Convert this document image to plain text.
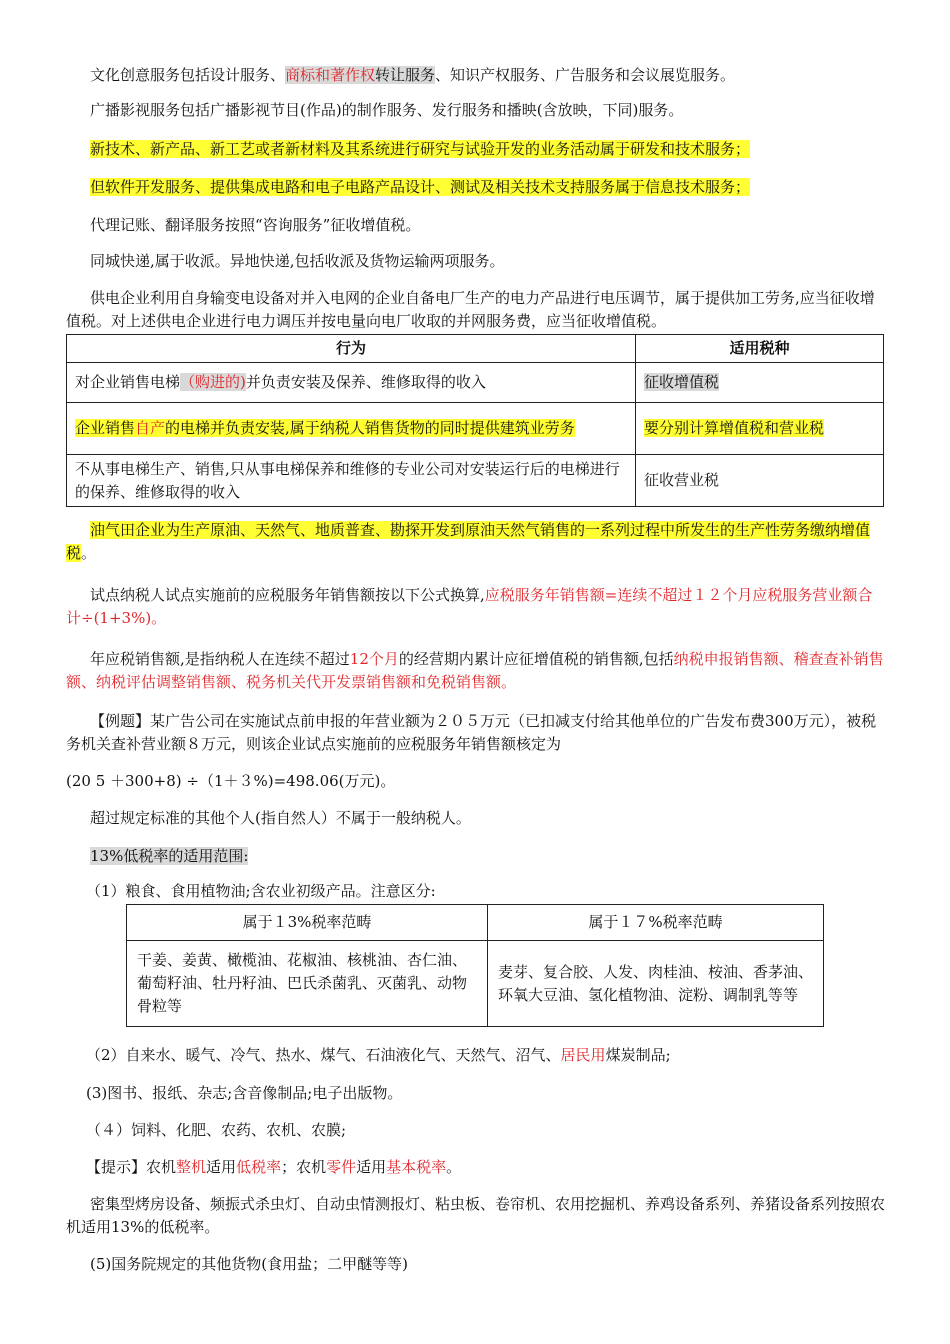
文化创意服务包括设计服务、商标和著作权转让服务、知识产权服务、广告服务和会议展览服务。

广播影视服务包括广播影视节目(作品)的制作服务、发行服务和播映(含放映，下同)服务。

新技术、新产品、新工艺或者新材料及其系统进行研究与试验开发的业务活动属于研发和技术服务；

但软件开发服务、提供集成电路和电子电路产品设计、测试及相关技术支持服务属于信息技术服务；

代理记账、翻译服务按照“咨询服务”征收增值税。

同城快递,属于收派。异地快递,包括收派及货物运输两项服务。

供电企业利用自身输变电设备对并入电网的企业自备电厂生产的电力产品进行电压调节，属于提供加工劳务,应当征收增值税。对上述供电企业进行电力调压并按电量向电厂收取的并网服务费，应当征收增值税。

行为	适用税种
对企业销售电梯（购进的)并负责安装及保养、维修取得的收入	征收增值税
企业销售自产的电梯并负责安装,属于纳税人销售货物的同时提供建筑业劳务	要分别计算增值税和营业税
不从事电梯生产、销售,只从事电梯保养和维修的专业公司对安装运行后的电梯进行的保养、维修取得的收入	征收营业税

油气田企业为生产原油、天然气、地质普查、勘探开发到原油天然气销售的一系列过程中所发生的生产性劳务缴纳增值税。

试点纳税人试点实施前的应税服务年销售额按以下公式换算,应税服务年销售额=连续不超过１２个月应税服务营业额合计÷(1+3%)。

年应税销售额,是指纳税人在连续不超过12个月的经营期内累计应征增值税的销售额,包括纳税申报销售额、稽查查补销售额、纳税评估调整销售额、税务机关代开发票销售额和免税销售额。

【例题】某广告公司在实施试点前申报的年营业额为２０５万元（已扣减支付给其他单位的广告发布费300万元），被税务机关查补营业额８万元，则该企业试点实施前的应税服务年销售额核定为

(20 5 ＋300+8) ÷（1＋３%)=498.06(万元)。

超过规定标准的其他个人(指自然人）不属于一般纳税人。

13%低税率的适用范围:

（1）粮食、食用植物油;含农业初级产品。注意区分:

属于１3%税率范畴	属于１７%税率范畴
干姜、姜黄、橄榄油、花椒油、核桃油、杏仁油、葡萄籽油、牡丹籽油、巴氏杀菌乳、灭菌乳、动物骨粒等	麦芽、复合胶、人发、肉桂油、桉油、香茅油、环氧大豆油、氢化植物油、淀粉、调制乳等等

（2）自来水、暖气、冷气、热水、煤气、石油液化气、天然气、沼气、居民用煤炭制品;

(3)图书、报纸、杂志;含音像制品;电子出版物。

（４）饲料、化肥、农药、农机、农膜;

【提示】农机整机适用低税率；农机零件适用基本税率。

密集型烤房设备、频振式杀虫灯、自动虫情测报灯、粘虫板、卷帘机、农用挖掘机、养鸡设备系列、养猪设备系列按照农机适用13%的低税率。

(5)国务院规定的其他货物(食用盐；二甲醚等等)
